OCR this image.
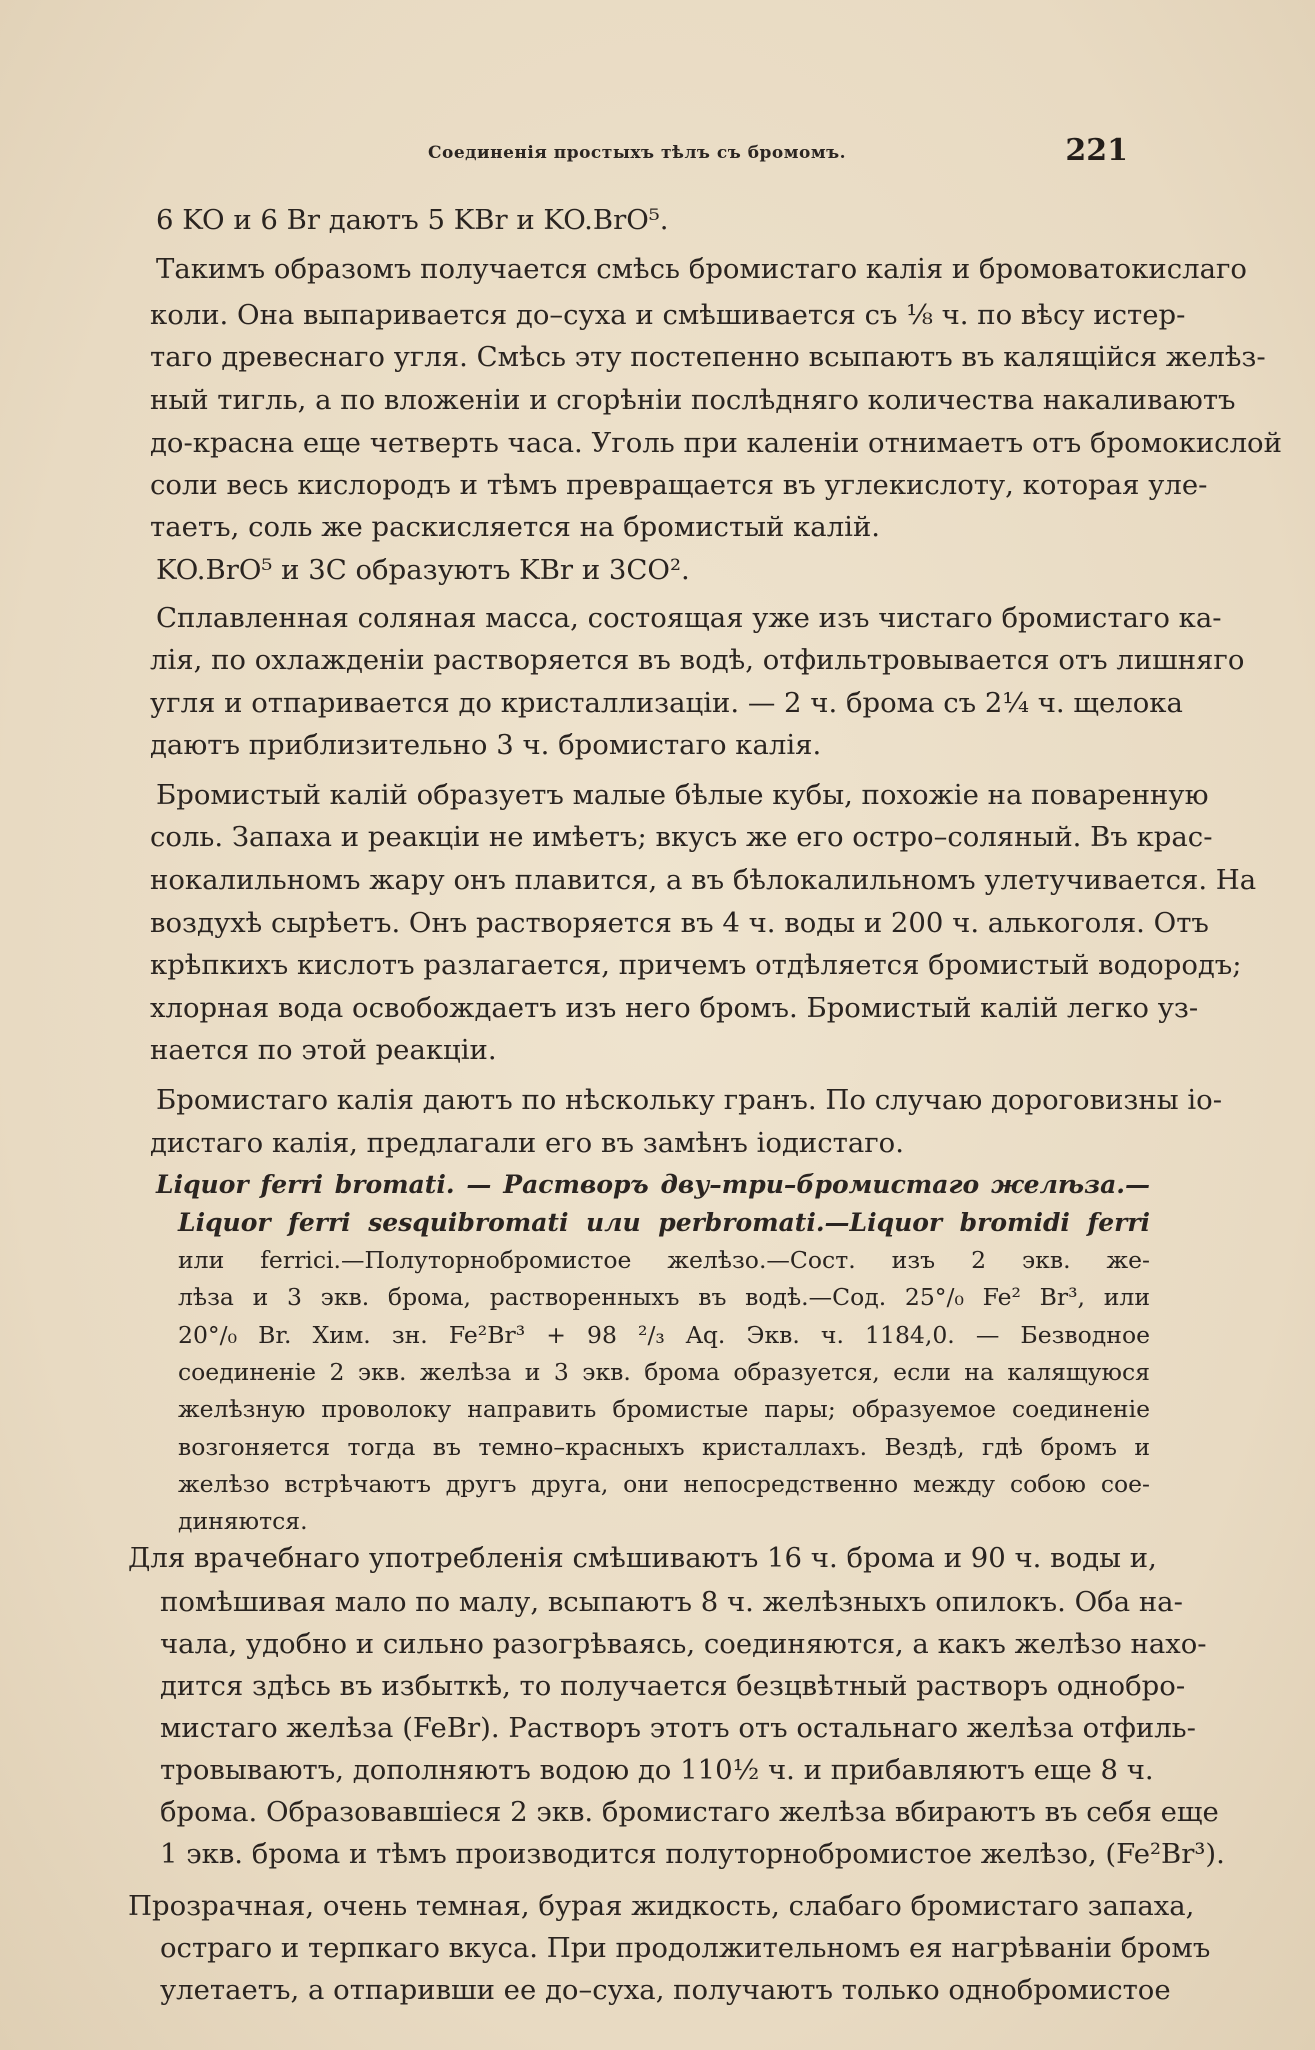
Соединенія простыхъ тѣлъ съ бромомъ.	221
6 KO и 6 Br даютъ 5 KBr и KO.BrO⁵.
Такимъ образомъ получается смѣсь бромистаго калія и бромоватокислаго
коли. Она выпаривается до–суха и смѣшивается съ ⅛ ч. по вѣсу истер-
таго древеснаго угля. Смѣсь эту постепенно всыпаютъ въ калящійся желѣз-
ный тигль, а по вложеніи и сгорѣніи послѣдняго количества накаливаютъ
до-красна еще четверть часа. Уголь при каленіи отнимаетъ отъ бромокислой
соли весь кислородъ и тѣмъ превращается въ углекислоту, которая уле-
таетъ, соль же раскисляется на бромистый калій.
KO.BrO⁵ и 3C образуютъ KBr и 3CO².
Сплавленная соляная масса, состоящая уже изъ чистаго бромистаго ка-
лія, по охлажденіи растворяется въ водѣ, отфильтровывается отъ лишняго
угля и отпаривается до кристаллизаціи. — 2 ч. брома съ 2¼ ч. щелока
даютъ приблизительно 3 ч. бромистаго калія.
Бромистый калій образуетъ малые бѣлые кубы, похожіе на поваренную
соль. Запаха и реакціи не имѣетъ; вкусъ же его остро–соляный. Въ крас-
нокалильномъ жару онъ плавится, а въ бѣлокалильномъ улетучивается. На
воздухѣ сырѣетъ. Онъ растворяется въ 4 ч. воды и 200 ч. алькоголя. Отъ
крѣпкихъ кислотъ разлагается, причемъ отдѣляется бромистый водородъ;
хлорная вода освобождаетъ изъ него бромъ. Бромистый калій легко уз-
нается по этой реакціи.
Бромистаго калія даютъ по нѣскольку гранъ. По случаю дороговизны іо-
дистаго калія, предлагали его въ замѣнъ іодистаго.
Liquor ferri bromati. — Растворъ дву–три–бромистаго желѣза.—
Liquor ferri sesquibromati или perbromati.—Liquor bromidi ferri
или ferrici.—Полуторнобромистое желѣзо.—Сост. изъ 2 экв. же-
лѣза и 3 экв. брома, растворенныхъ въ водѣ.—Сод. 25°/₀ Fe² Br³, или
20°/₀ Br. Хим. зн. Fe²Br³ + 98 ²/₃ Aq. Экв. ч. 1184,0. — Безводное
соединеніе 2 экв. желѣза и 3 экв. брома образуется, если на калящуюся
желѣзную проволоку направить бромистые пары; образуемое соединеніе
возгоняется тогда въ темно–красныхъ кристаллахъ. Вездѣ, гдѣ бромъ и
желѣзо встрѣчаютъ другъ друга, они непосредственно между собою сое-
диняются.
Для врачебнаго употребленія смѣшиваютъ 16 ч. брома и 90 ч. воды и,
помѣшивая мало по малу, всыпаютъ 8 ч. желѣзныхъ опилокъ. Оба на-
чала, удобно и сильно разогрѣваясь, соединяются, а какъ желѣзо нахо-
дится здѣсь въ избыткѣ, то получается безцвѣтный растворъ однобро-
мистаго желѣза (FeBr). Растворъ этотъ отъ остальнаго желѣза отфиль-
тровываютъ, дополняютъ водою до 110½ ч. и прибавляютъ еще 8 ч.
брома. Образовавшіеся 2 экв. бромистаго желѣза вбираютъ въ себя еще
1 экв. брома и тѣмъ производится полуторнобромистое желѣзо, (Fe²Br³).
Прозрачная, очень темная, бурая жидкость, слабаго бромистаго запаха,
остраго и терпкаго вкуса. При продолжительномъ ея нагрѣваніи бромъ
улетаетъ, а отпаривши ее до–суха, получаютъ только однобромистое
